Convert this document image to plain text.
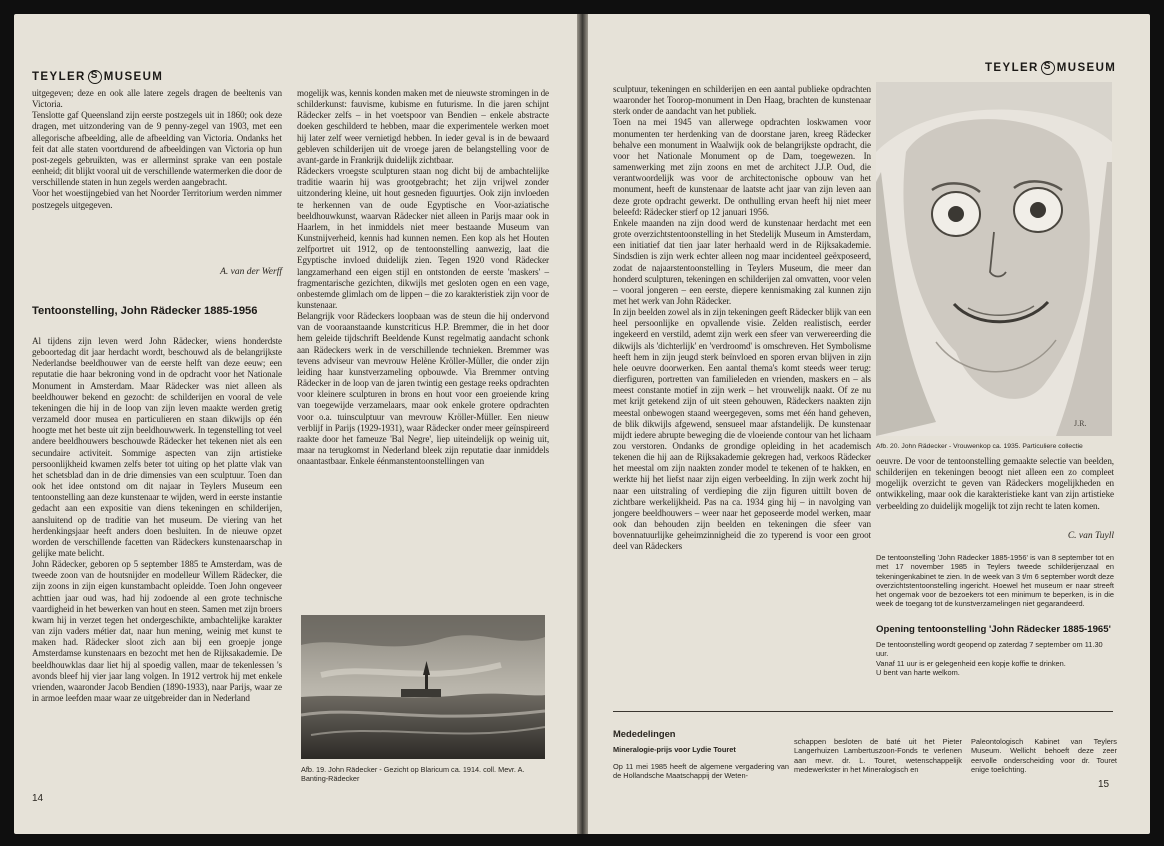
TEYLER S MUSEUM

uitgegeven; deze en ook alle latere zegels dragen de beeltenis van Victoria.

Tenslotte gaf Queensland zijn eerste postzegels uit in 1860; ook deze dragen, met uitzondering van de 9 penny-zegel van 1903, met een allegorische afbeelding, alle de afbeelding van Victoria. Ondanks het feit dat alle staten voortdurend de afbeeldingen van Victoria op hun post-zegels gebruikten, was er allerminst sprake van een postale eenheid; dit blijkt vooral uit de verschillende watermerken die door de verschillende staten in hun zegels werden aangebracht.

Voor het woestijngebied van het Noorder Territorium werden nimmer postzegels uitgegeven.

A. van der Werff
Tentoonstelling, John Rädecker 1885-1956

Al tijdens zijn leven werd John Rädecker, wiens honderdste geboortedag dit jaar herdacht wordt, beschouwd als de belangrijkste Nederlandse beeldhouwer van de eerste helft van deze eeuw; een reputatie die haar bekroning vond in de opdracht voor het Nationale Monument in Amsterdam. Maar Rädecker was niet alleen als beeldhouwer bekend en gezocht: de schilderijen en vooral de vele tekeningen die hij in de loop van zijn leven maakte werden gretig verzameld door musea en particulieren en staan dikwijls op één hoogte met het beste uit zijn beeldhouwwerk. In tegenstelling tot veel andere beeldhouwers beschouwde Rädecker het tekenen niet als een secundaire activiteit. Sommige aspecten van zijn artistieke persoonlijkheid kwamen zelfs beter tot uiting op het platte vlak van het schetsblad dan in de drie dimensies van een sculptuur. Toen dan ook het idee ontstond om dit najaar in Teylers Museum een tentoonstelling aan deze kunstenaar te wijden, werd in eerste instantie gedacht aan een expositie van diens tekeningen en schilderijen, aansluitend op de traditie van het museum. De viering van het herdenkingsjaar heeft anders doen besluiten. In de nieuwe opzet worden de verschillende facetten van Rädeckers kunstenaarschap in gelijke mate belicht.

John Rädecker, geboren op 5 september 1885 te Amsterdam, was de tweede zoon van de houtsnijder en modelleur Willem Rädecker, die zijn zoons in zijn eigen kunstambacht opleidde. Toen John ongeveer achttien jaar oud was, had hij zodoende al een grote technische vaardigheid in het bewerken van hout en steen. Samen met zijn broers kwam hij in verzet tegen het ondergeschikte, ambachtelijke karakter van zijn vaders métier dat, naar hun mening, weinig met kunst te maken had. Rädecker sloot zich aan bij een groepje jonge Amsterdamse kunstenaars en bezocht met hen de Rijksakademie. De beeldhouwklas daar liet hij al spoedig vallen, maar de tekenlessen 's avonds bleef hij vier jaar lang volgen. In 1912 vertrok hij met enkele vrienden, waaronder Jacob Bendien (1890-1933), naar Parijs, waar ze in armoe leefden maar waar ze uitgebreider dan in Nederland

mogelijk was, kennis konden maken met de nieuwste stromingen in de schilderkunst: fauvisme, kubisme en futurisme. In die jaren schijnt Rädecker zelfs – in het voetspoor van Bendien – enkele abstracte doeken geschilderd te hebben, maar die experimentele werken moet hij later zelf weer vernietigd hebben. In ieder geval is in de bewaard gebleven schilderijen uit de vroege jaren de belangstelling voor de avant-garde in Frankrijk duidelijk zichtbaar.

Rädeckers vroegste sculpturen staan nog dicht bij de ambachtelijke traditie waarin hij was grootgebracht; het zijn vrijwel zonder uitzondering kleine, uit hout gesneden figuurtjes. Ook zijn invloeden te herkennen van de oude Egyptische en Voor-aziatische beeldhouwkunst, waarvan Rädecker niet alleen in Parijs maar ook in Haarlem, in het inmiddels niet meer bestaande Museum van Kunstnijverheid, kennis had kunnen nemen. Een kop als het Houten zelfportret uit 1912, op de tentoonstelling aanwezig, laat die Egyptische invloed duidelijk zien. Tegen 1920 vond Rädecker langzamerhand een eigen stijl en ontstonden de eerste 'maskers' – fragmentarische gezichten, dikwijls met gesloten ogen en een vage, onbestemde glimlach om de lippen – die zo karakteristiek zijn voor de kunstenaar.

Belangrijk voor Rädeckers loopbaan was de steun die hij ondervond van de vooraanstaande kunstcriticus H.P. Bremmer, die in het door hem geleide tijdschrift Beeldende Kunst regelmatig aandacht schonk aan Rädeckers werk in de verschillende technieken. Bremmer was tevens adviseur van mevrouw Helène Kröller-Müller, die onder zijn leiding haar kunstverzameling opbouwde. Via Bremmer ontving Rädecker in de loop van de jaren twintig een gestage reeks opdrachten voor kleinere sculpturen in brons en hout voor een groeiende kring van toegewijde verzamelaars, maar ook enkele grotere opdrachten voor o.a. tuinsculptuur van mevrouw Kröller-Müller. Een nieuw verblijf in Parijs (1929-1931), waar Rädecker onder meer geïnspireerd raakte door het fameuze 'Bal Negre', liep uiteindelijk op weinig uit, maar na terugkomst in Nederland bleek zijn reputatie daar inmiddels onaantastbaar. Enkele éénmanstentoonstellingen van

Afb. 19. John Rädecker - Gezicht op Blaricum ca. 1914. coll. Mevr. A. Banting-Rädecker
14
TEYLER S MUSEUM

sculptuur, tekeningen en schilderijen en een aantal publieke opdrachten waaronder het Toorop-monument in Den Haag, brachten de kunstenaar sterk onder de aandacht van het publiek.

Toen na mei 1945 van allerwege opdrachten loskwamen voor monumenten ter herdenking van de doorstane jaren, kreeg Rädecker behalve een monument in Waalwijk ook de belangrijkste opdracht, die voor het Nationale Monument op de Dam, toegewezen. In samenwerking met zijn zoons en met de architect J.J.P. Oud, die verantwoordelijk was voor de architectonische opbouw van het monument, heeft de kunstenaar de laatste acht jaar van zijn leven aan deze grote opdracht gewerkt. De onthulling ervan heeft hij niet meer beleefd: Rädecker stierf op 12 januari 1956.

Enkele maanden na zijn dood werd de kunstenaar herdacht met een grote overzichtstentoonstelling in het Stedelijk Museum in Amsterdam, een initiatief dat tien jaar later herhaald werd in de Rijksakademie. Sindsdien is zijn werk echter alleen nog maar incidenteel geëxposeerd, zodat de najaarstentoonstelling in Teylers Museum, die meer dan honderd sculpturen, tekeningen en schilderijen zal omvatten, voor velen – vooral jongeren – een eerste, diepere kennismaking zal kunnen zijn met het werk van John Rädecker.

In zijn beelden zowel als in zijn tekeningen geeft Rädecker blijk van een heel persoonlijke en opvallende visie. Zelden realistisch, eerder ingekeerd en verstild, ademt zijn werk een sfeer van verwereerding die dikwijls als 'dichterlijk' en 'verdroomd' is omschreven. Het Symbolisme heeft hem in zijn jeugd sterk beïnvloed en sporen ervan blijven in zijn hele oeuvre doorwerken. Een aantal thema's komt steeds weer terug: dierfiguren, portretten van familieleden en vrienden, maskers en – als meest constante motief in zijn werk – het vrouwelijk naakt. Of ze nu met krijt getekend zijn of uit steen gehouwen, Rädeckers naakten zijn meestal onbewogen staand weergegeven, soms met één hand geheven, de blik dikwijls afgewend, sensueel maar afstandelijk. De kunstenaar mijdt iedere abrupte beweging die de vloeiende contour van het lichaam zou verstoren. Ondanks de grondige opleiding in het academisch tekenen die hij aan de Rijksakademie gekregen had, verkoos Rädecker het meestal om zijn naakten zonder model te tekenen of te hakken, en werkte hij het liefst naar zijn eigen verbeelding. In zijn werk zocht hij naar een uitstraling of verdieping die zijn figuren uittilt boven de zichtbare werkelijkheid. Pas na ca. 1934 ging hij – in navolging van jongere beeldhouwers – weer naar het geposeerde model werken, maar ook dan behouden zijn beelden en tekeningen die sfeer van bovennatuurlijke geheimzinnigheid die zo typerend is voor een groot deel van Rädeckers

J.R.
Afb. 20. John Rädecker - Vrouwenkop ca. 1935. Particuliere collectie

oeuvre. De voor de tentoonstelling gemaakte selectie van beelden, schilderijen en tekeningen beoogt niet alleen een zo compleet mogelijk overzicht te geven van Rädeckers mogelijkheden en ontwikkeling, maar ook die karakteristieke kant van zijn artistieke verbeelding zo duidelijk mogelijk tot zijn recht te laten komen.

C. van Tuyll
De tentoonstelling 'John Rädecker 1885-1956' is van 8 september tot en met 17 november 1985 in Teylers tweede schilderijenzaal en tekeningenkabinet te zien. In de week van 3 t/m 6 september wordt deze overzichtstentoonstelling ingericht. Hoewel het museum er naar streeft het ongemak voor de bezoekers tot een minimum te beperken, is in die week de toegang tot de kunstverzamelingen niet gegarandeerd.
Opening tentoonstelling 'John Rädecker 1885-1965'
De tentoonstelling wordt geopend op zaterdag 7 september om 11.30 uur.
Vanaf 11 uur is er gelegenheid een kopje koffie te drinken.
U bent van harte welkom.
Mededelingen
Mineralogie-prijs voor Lydie Touret
Op 11 mei 1985 heeft de algemene vergadering van de Hollandsche Maatschappij der Weten-
schappen besloten de baté uit het Pieter Langerhuizen Lambertuszoon-Fonds te verlenen aan mevr. dr. L. Touret, wetenschappelijk medewerkster in het Mineralogisch en
Paleontologisch Kabinet van Teylers Museum. Wellicht behoeft deze zeer eervolle onderscheiding voor dr. Touret enige toelichting.
15
